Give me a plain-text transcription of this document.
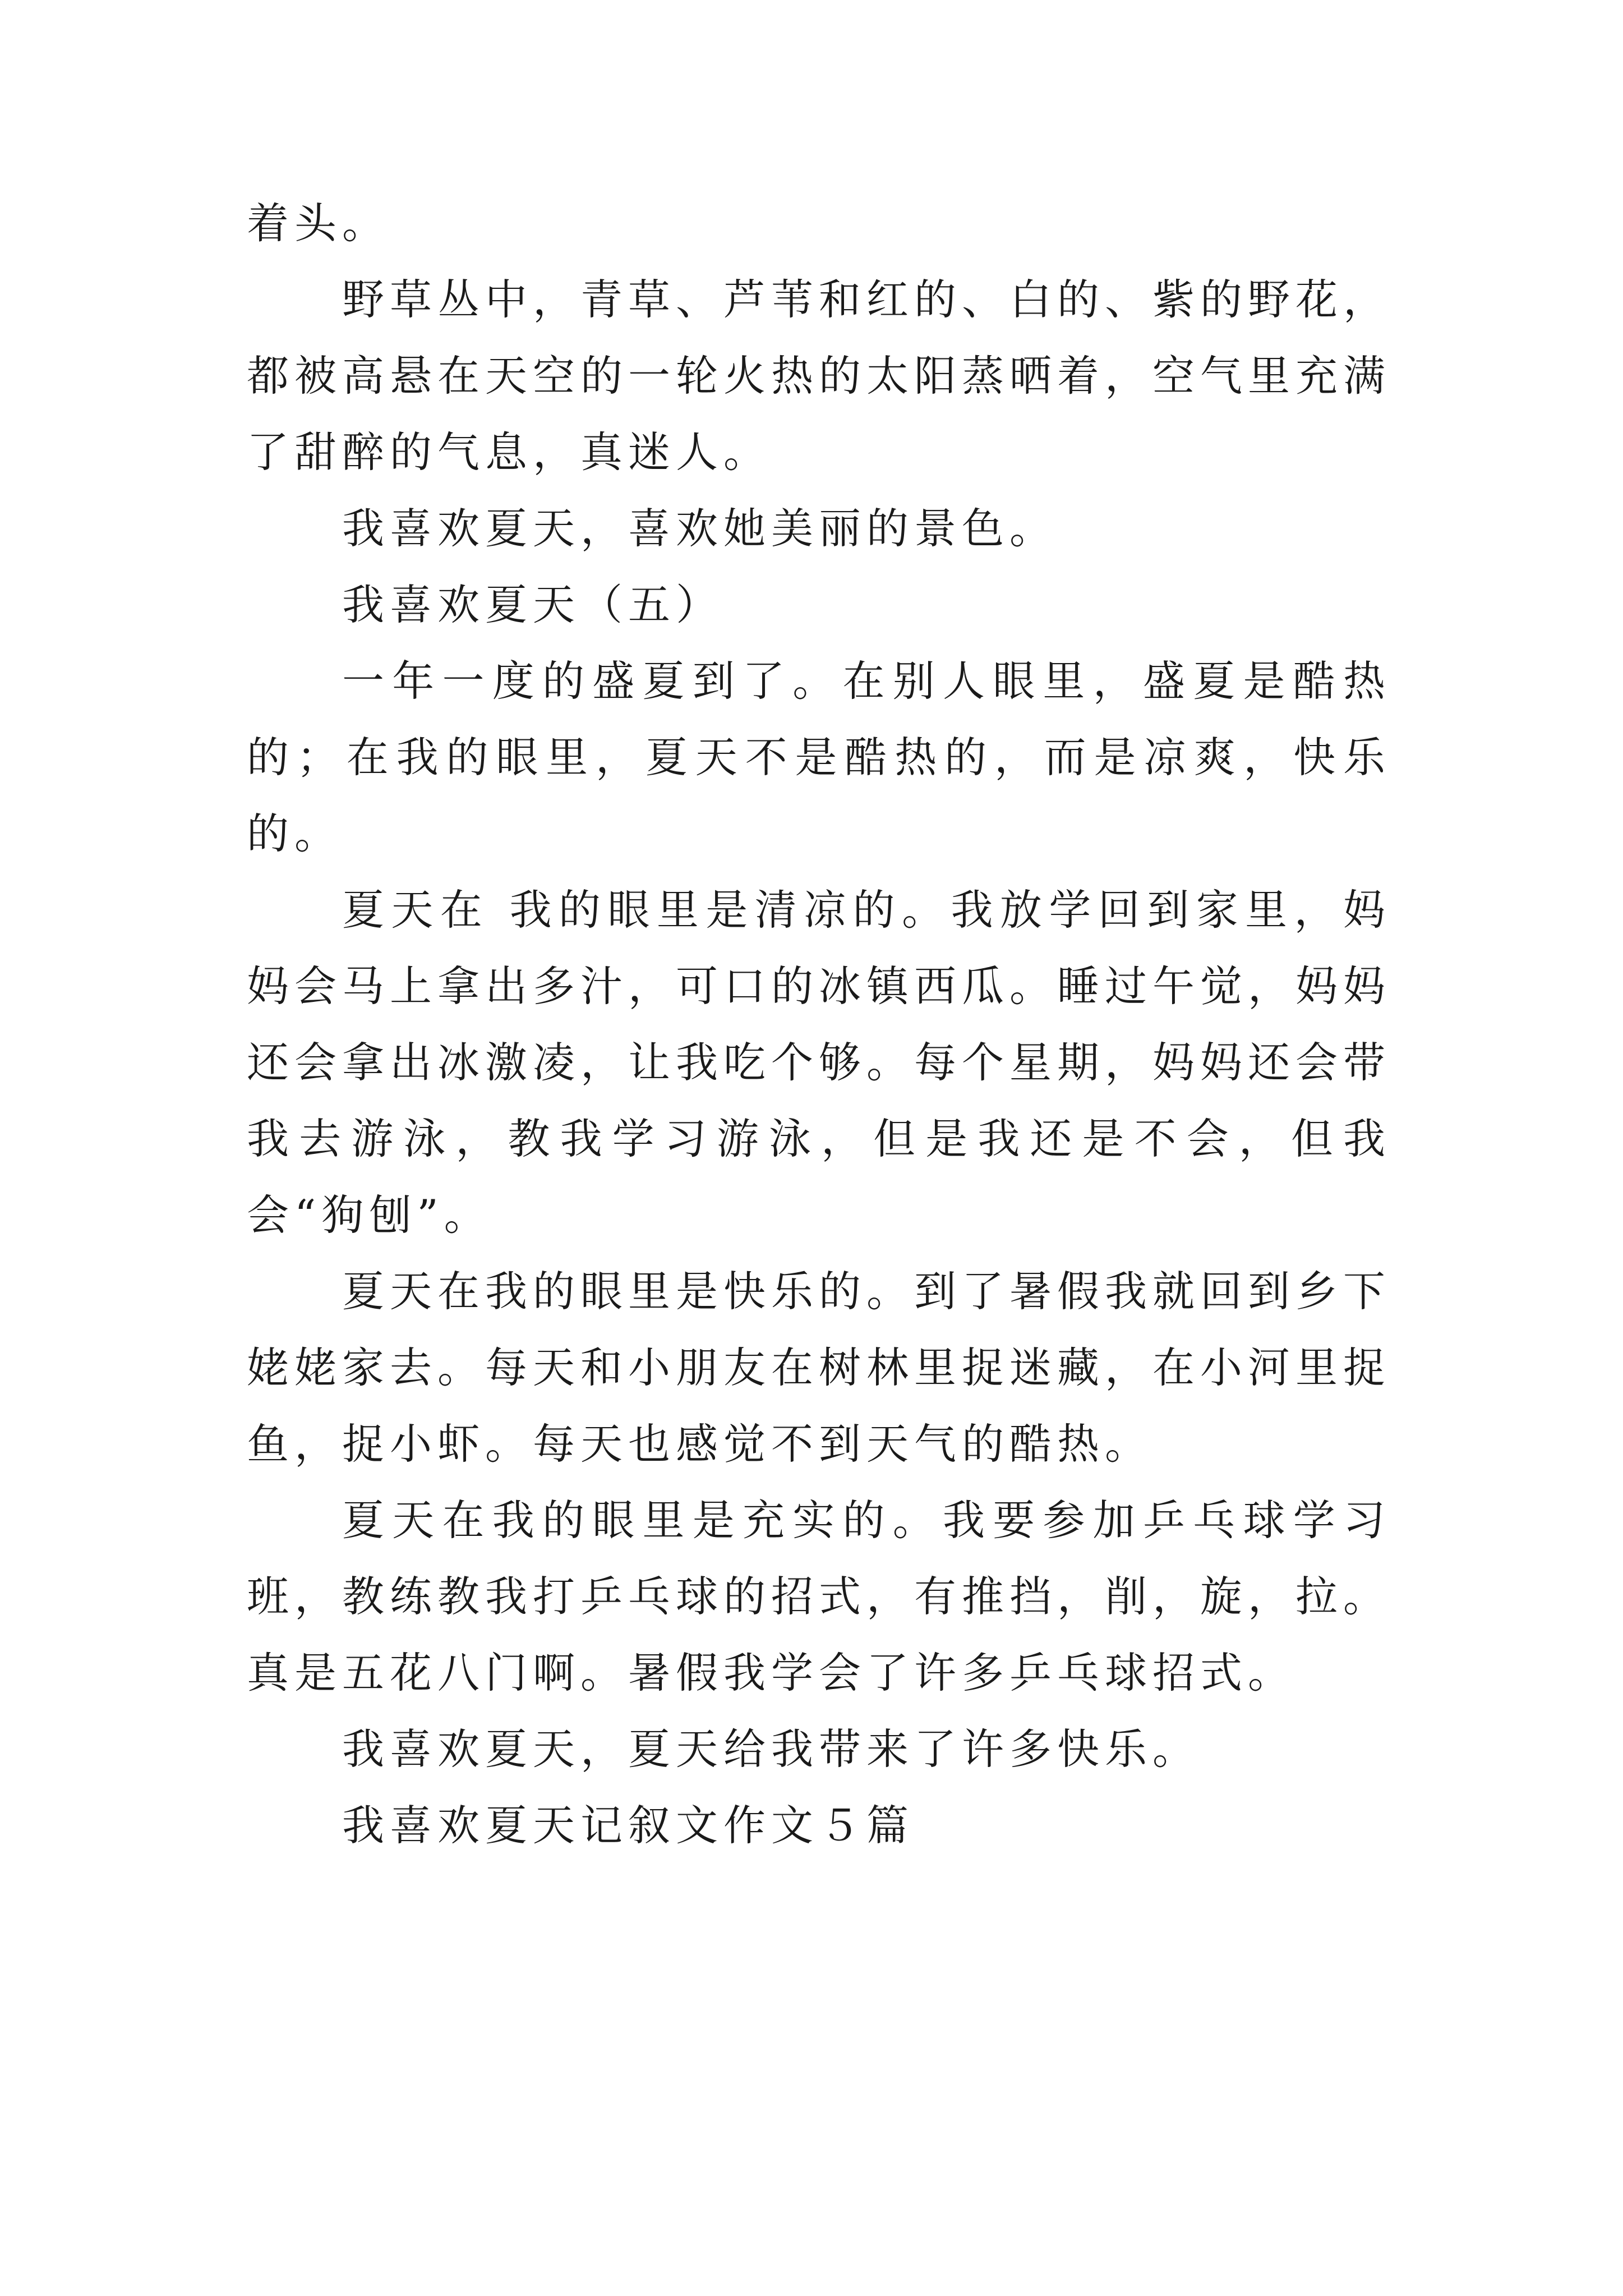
着头。

野草丛中，青草、芦苇和红的、白的、紫的野花，都被高悬在天空的一轮火热的太阳蒸晒着，空气里充满了甜醉的气息，真迷人。

我喜欢夏天，喜欢她美丽的景色。

我喜欢夏天（五）

一年一度的盛夏到了。在别人眼里，盛夏是酷热的；在我的眼里，夏天不是酷热的，而是凉爽，快乐的。

夏天在 我的眼里是清凉的。我放学回到家里，妈妈会马上拿出多汁，可口的冰镇西瓜。睡过午觉，妈妈还会拿出冰激凌，让我吃个够。每个星期，妈妈还会带我去游泳，教我学习游泳，但是我还是不会，但我会“狗刨”。

夏天在我的眼里是快乐的。到了暑假我就回到乡下姥姥家去。每天和小朋友在树林里捉迷藏，在小河里捉鱼，捉小虾。每天也感觉不到天气的酷热。

夏天在我的眼里是充实的。我要参加乒乓球学习班，教练教我打乒乓球的招式，有推挡，削，旋，拉。真是五花八门啊。暑假我学会了许多乒乓球招式。

我喜欢夏天，夏天给我带来了许多快乐。

我喜欢夏天记叙文作文５篇
